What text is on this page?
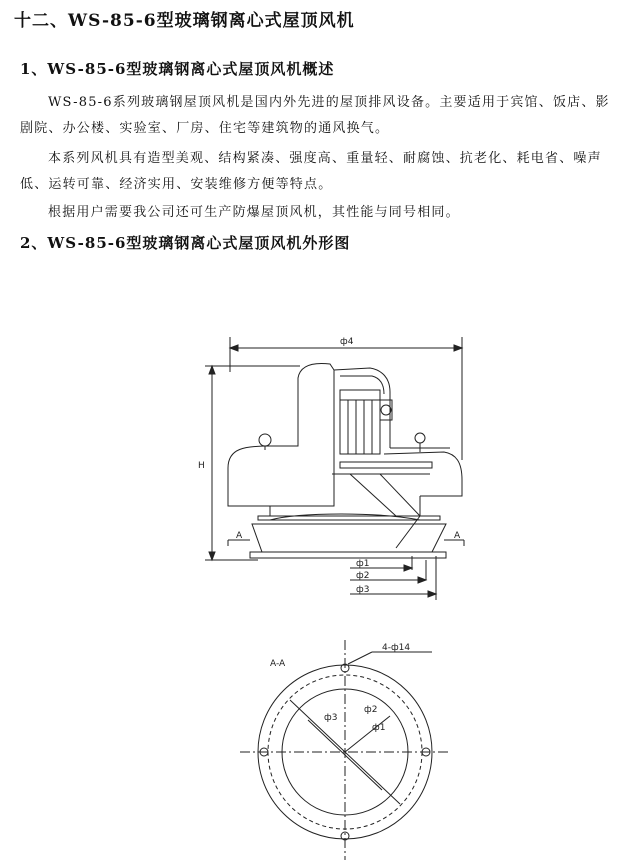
十二、WS-85-6型玻璃钢离心式屋顶风机
1、WS-85-6型玻璃钢离心式屋顶风机概述
WS-85-6系列玻璃钢屋顶风机是国内外先进的屋顶排风设备。主要适用于宾馆、饭店、影剧院、办公楼、实验室、厂房、住宅等建筑物的通风换气。
本系列风机具有造型美观、结构紧凑、强度高、重量轻、耐腐蚀、抗老化、耗电省、噪声低、运转可靠、经济实用、安装维修方便等特点。
根据用户需要我公司还可生产防爆屋顶风机，其性能与同号相同。
2、WS-85-6型玻璃钢离心式屋顶风机外形图
ф4
H
A	A
ф1
ф2
ф3
A-A
4-ф14
ф1
ф2
ф3
